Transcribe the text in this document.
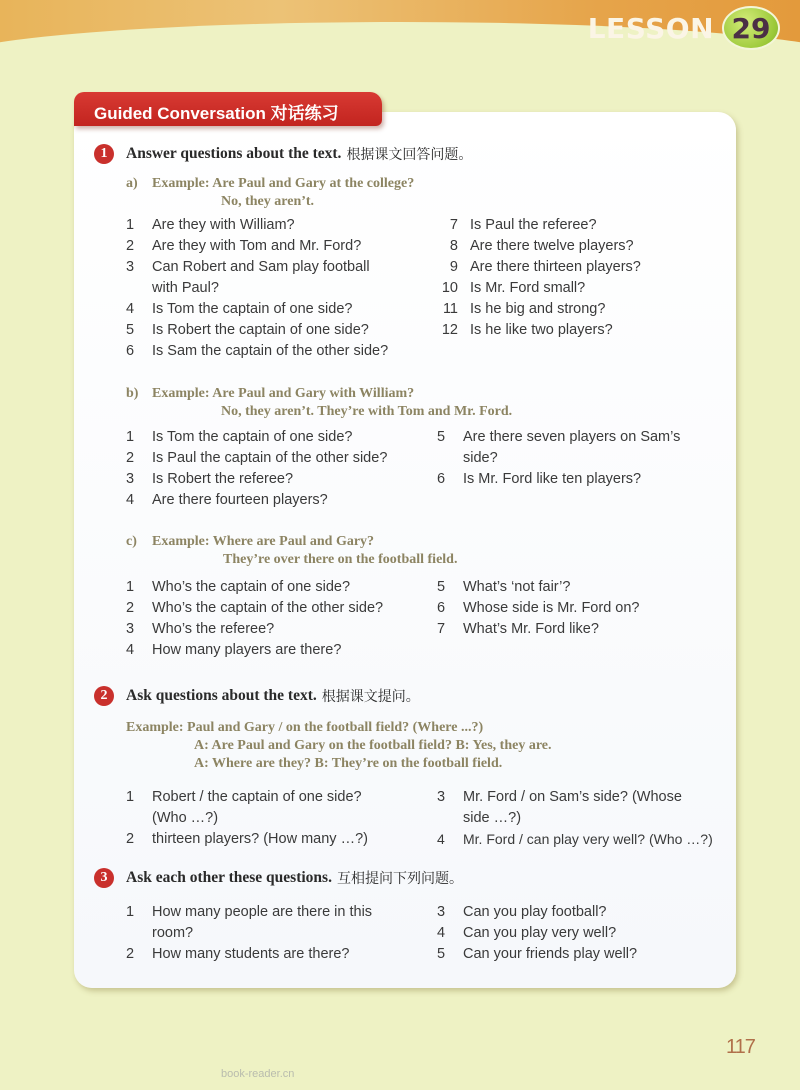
LESSON 29
Guided Conversation 对话练习
1	Answer questions about the text. 根据课文回答问题。
a) Example: Are Paul and Gary at the college?
No, they aren’t.
1	Are they with William?
2	Are they with Tom and Mr. Ford?
3	Can Robert and Sam play football
with Paul?
4	Is Tom the captain of one side?
5	Is Robert the captain of one side?
6	Is Sam the captain of the other side?
7 Is Paul the referee?
8 Are there twelve players?
9 Are there thirteen players?
10 Is Mr. Ford small?
11 Is he big and strong?
12 Is he like two players?
b) Example: Are Paul and Gary with William?
No, they aren’t. They’re with Tom and Mr. Ford.
1	Is Tom the captain of one side?
2	Is Paul the captain of the other side?
3	Is Robert the referee?
4	Are there fourteen players?
5	Are there seven players on Sam’s
side?
6	Is Mr. Ford like ten players?
c) Example: Where are Paul and Gary?
They’re over there on the football field.
1	Who’s the captain of one side?
2	Who’s the captain of the other side?
3	Who’s the referee?
4	How many players are there?
5	What’s ‘not fair’?
6	Whose side is Mr. Ford on?
7	What’s Mr. Ford like?
2	Ask questions about the text. 根据课文提问。
Example: Paul and Gary / on the football field? (Where ...?)
A: Are Paul and Gary on the football field? B: Yes, they are.
A: Where are they? B: They’re on the football field.
1	Robert / the captain of one side?
(Who …?)
2	thirteen players? (How many …?)
3	Mr. Ford / on Sam’s side? (Whose
side …?)
4	Mr. Ford / can play very well? (Who …?)
3	Ask each other these questions. 互相提问下列问题。
1	How many people are there in this
room?
2	How many students are there?
3	Can you play football?
4	Can you play very well?
5	Can your friends play well?
117
book-reader.cn
